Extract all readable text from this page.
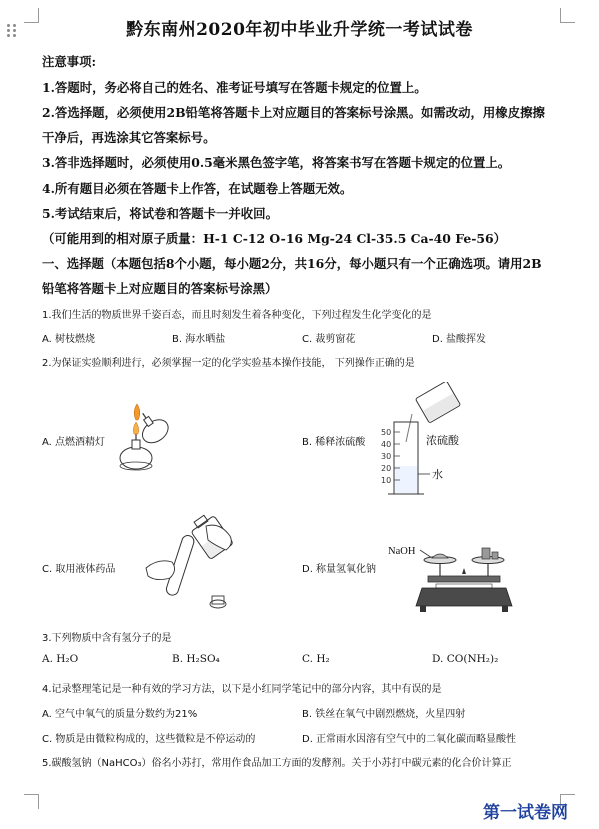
黔东南州2020年初中毕业升学统一考试试卷
注意事项:
1.答题时，务必将自己的姓名、准考证号填写在答题卡规定的位置上。
2.答选择题，必须使用2B铅笔将答题卡上对应题目的答案标号涂黑。如需改动，用橡皮擦擦
干净后，再选涂其它答案标号。
3.答非选择题时，必须使用0.5毫米黑色签字笔，将答案书写在答题卡规定的位置上。
4.所有题目必须在答题卡上作答，在试题卷上答题无效。
5.考试结束后，将试卷和答题卡一并收回。
（可能用到的相对原子质量：H-1 C-12 O-16 Mg-24 Cl-35.5 Ca-40 Fe-56）
一、选择题（本题包括8个小题，每小题2分，共16分，每小题只有一个正确选项。请用2B
铅笔将答题卡上对应题目的答案标号涂黑）
1.我们生活的物质世界千姿百态，而且时刻发生着各种变化，下列过程发生化学变化的是
A. 树枝燃烧	B. 海水晒盐	C. 裁剪窗花	D. 盐酸挥发
2.为保证实验顺利进行，必须掌握一定的化学实验基本操作技能， 下列操作正确的是
A. 点燃酒精灯
50
40
30
20
10
浓硫酸
水
B. 稀释浓硫酸
C. 取用液体药品
NaOH
D. 称量氢氧化钠
3.下列物质中含有氢分子的是
A. H₂O	B. H₂SO₄	C. H₂	D. CO(NH₂)₂
4.记录整理笔记是一种有效的学习方法，以下是小红同学笔记中的部分内容，其中有误的是
A. 空气中氧气的质量分数约为21%	B. 铁丝在氧气中剧烈燃烧，火星四射
C. 物质是由微粒构成的，这些微粒是不停运动的	D. 正常雨水因溶有空气中的二氧化碳而略显酸性
5.碳酸氢钠（NaHCO₃）俗名小苏打，常用作食品加工方面的发酵剂。关于小苏打中碳元素的化合价计算正
第一试卷网
